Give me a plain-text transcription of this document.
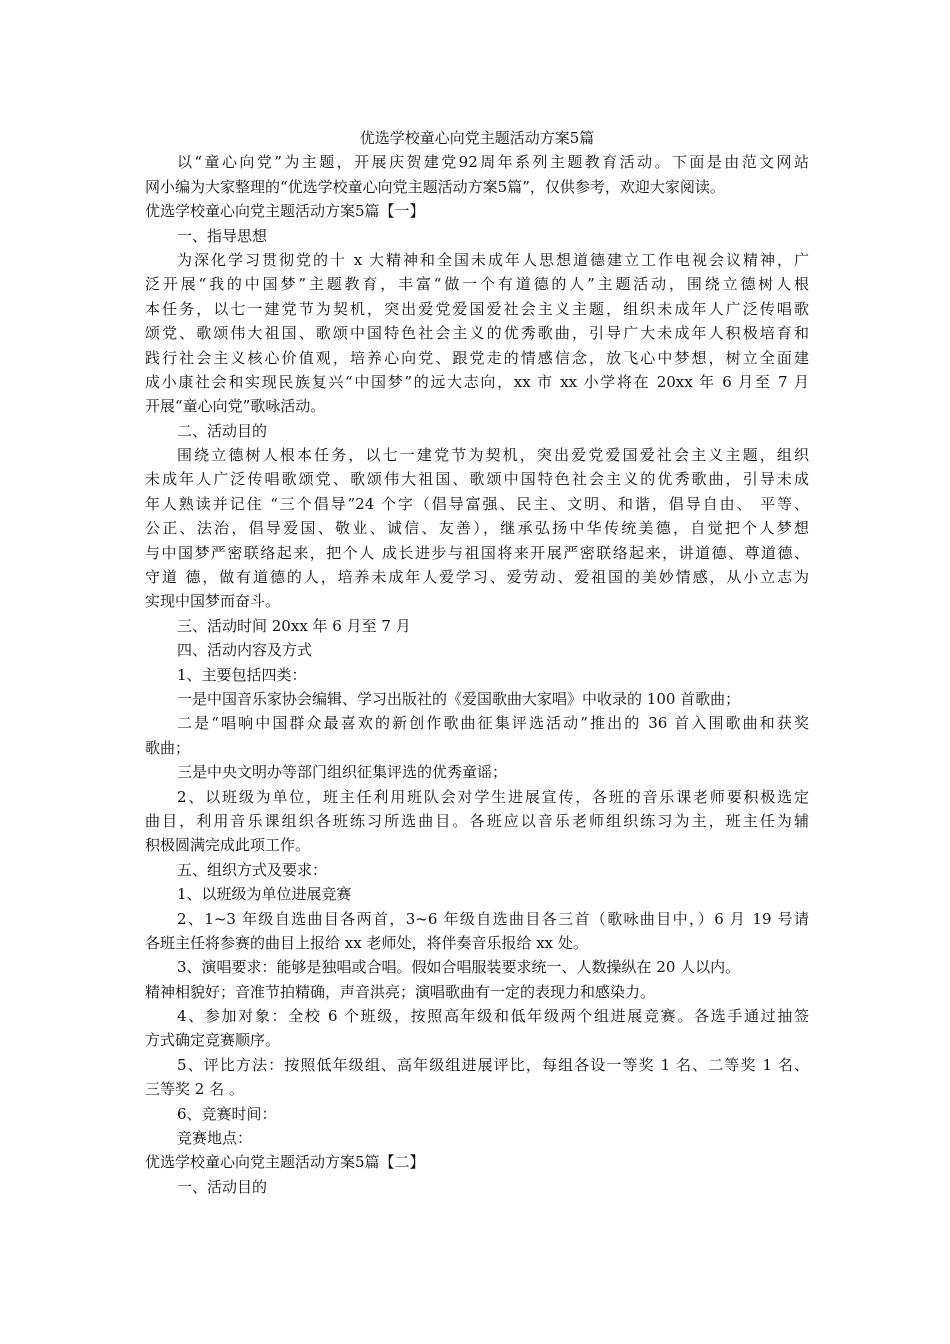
优选学校童心向党主题活动方案5篇
以“童心向党”为主题，开展庆贺建党92周年系列主题教育活动。下面是由范文网站
网小编为大家整理的“优选学校童心向党主题活动方案5篇”，仅供参考，欢迎大家阅读。
优选学校童心向党主题活动方案5篇【一】
一、指导思想
为深化学习贯彻党的十 x 大精神和全国未成年人思想道德建立工作电视会议精神，广
泛开展“我的中国梦”主题教育，丰富“做一个有道德的人”主题活动，围绕立德树人根
本任务，以七一建党节为契机，突出爱党爱国爱社会主义主题，组织未成年人广泛传唱歌
颂党、歌颂伟大祖国、歌颂中国特色社会主义的优秀歌曲，引导广大未成年人积极培育和
践行社会主义核心价值观，培养心向党、跟党走的情感信念，放飞心中梦想，树立全面建
成小康社会和实现民族复兴“中国梦”的远大志向，xx 市 xx 小学将在 20xx 年 6 月至 7 月
开展“童心向党”歌咏活动。
二、活动目的
围绕立德树人根本任务，以七一建党节为契机，突出爱党爱国爱社会主义主题，组织
未成年人广泛传唱歌颂党、歌颂伟大祖国、歌颂中国特色社会主义的优秀歌曲，引导未成
年人熟读并记住 “三个倡导”24 个字（倡导富强、民主、文明、和谐，倡导自由、 平等、
公正、法治，倡导爱国、敬业、诚信、友善），继承弘扬中华传统美德，自觉把个人梦想
与中国梦严密联络起来，把个人 成长进步与祖国将来开展严密联络起来，讲道德、尊道德、
守道 德，做有道德的人，培养未成年人爱学习、爱劳动、爱祖国的美妙情感，从小立志为
实现中国梦而奋斗。
三、活动时间 20xx 年 6 月至 7 月
四、活动内容及方式
1、主要包括四类：
一是中国音乐家协会编辑、学习出版社的《爱国歌曲大家唱》中收录的 100 首歌曲；
二是“唱响中国群众最喜欢的新创作歌曲征集评选活动”推出的 36 首入围歌曲和获奖
歌曲；
三是中央文明办等部门组织征集评选的优秀童谣；
2、以班级为单位，班主任利用班队会对学生进展宣传，各班的音乐课老师要积极选定
曲目，利用音乐课组织各班练习所选曲目。各班应以音乐老师组织练习为主，班主任为辅
积极圆满完成此项工作。
五、组织方式及要求：
1、以班级为单位进展竞赛
2、1~3 年级自选曲目各两首，3~6 年级自选曲目各三首（歌咏曲目中，）6 月 19 号请
各班主任将参赛的曲目上报给 xx 老师处，将伴奏音乐报给 xx 处。
3、演唱要求：能够是独唱或合唱。假如合唱服装要求统一、人数操纵在 20 人以内。
精神相貌好；音准节拍精确，声音洪亮；演唱歌曲有一定的表现力和感染力。
4、参加对象：全校 6 个班级，按照高年级和低年级两个组进展竞赛。各选手通过抽签
方式确定竞赛顺序。
5、评比方法：按照低年级组、高年级组进展评比，每组各设一等奖 1 名、二等奖 1 名、
三等奖 2 名 。
6、竞赛时间：
竞赛地点：
优选学校童心向党主题活动方案5篇【二】
一、活动目的
